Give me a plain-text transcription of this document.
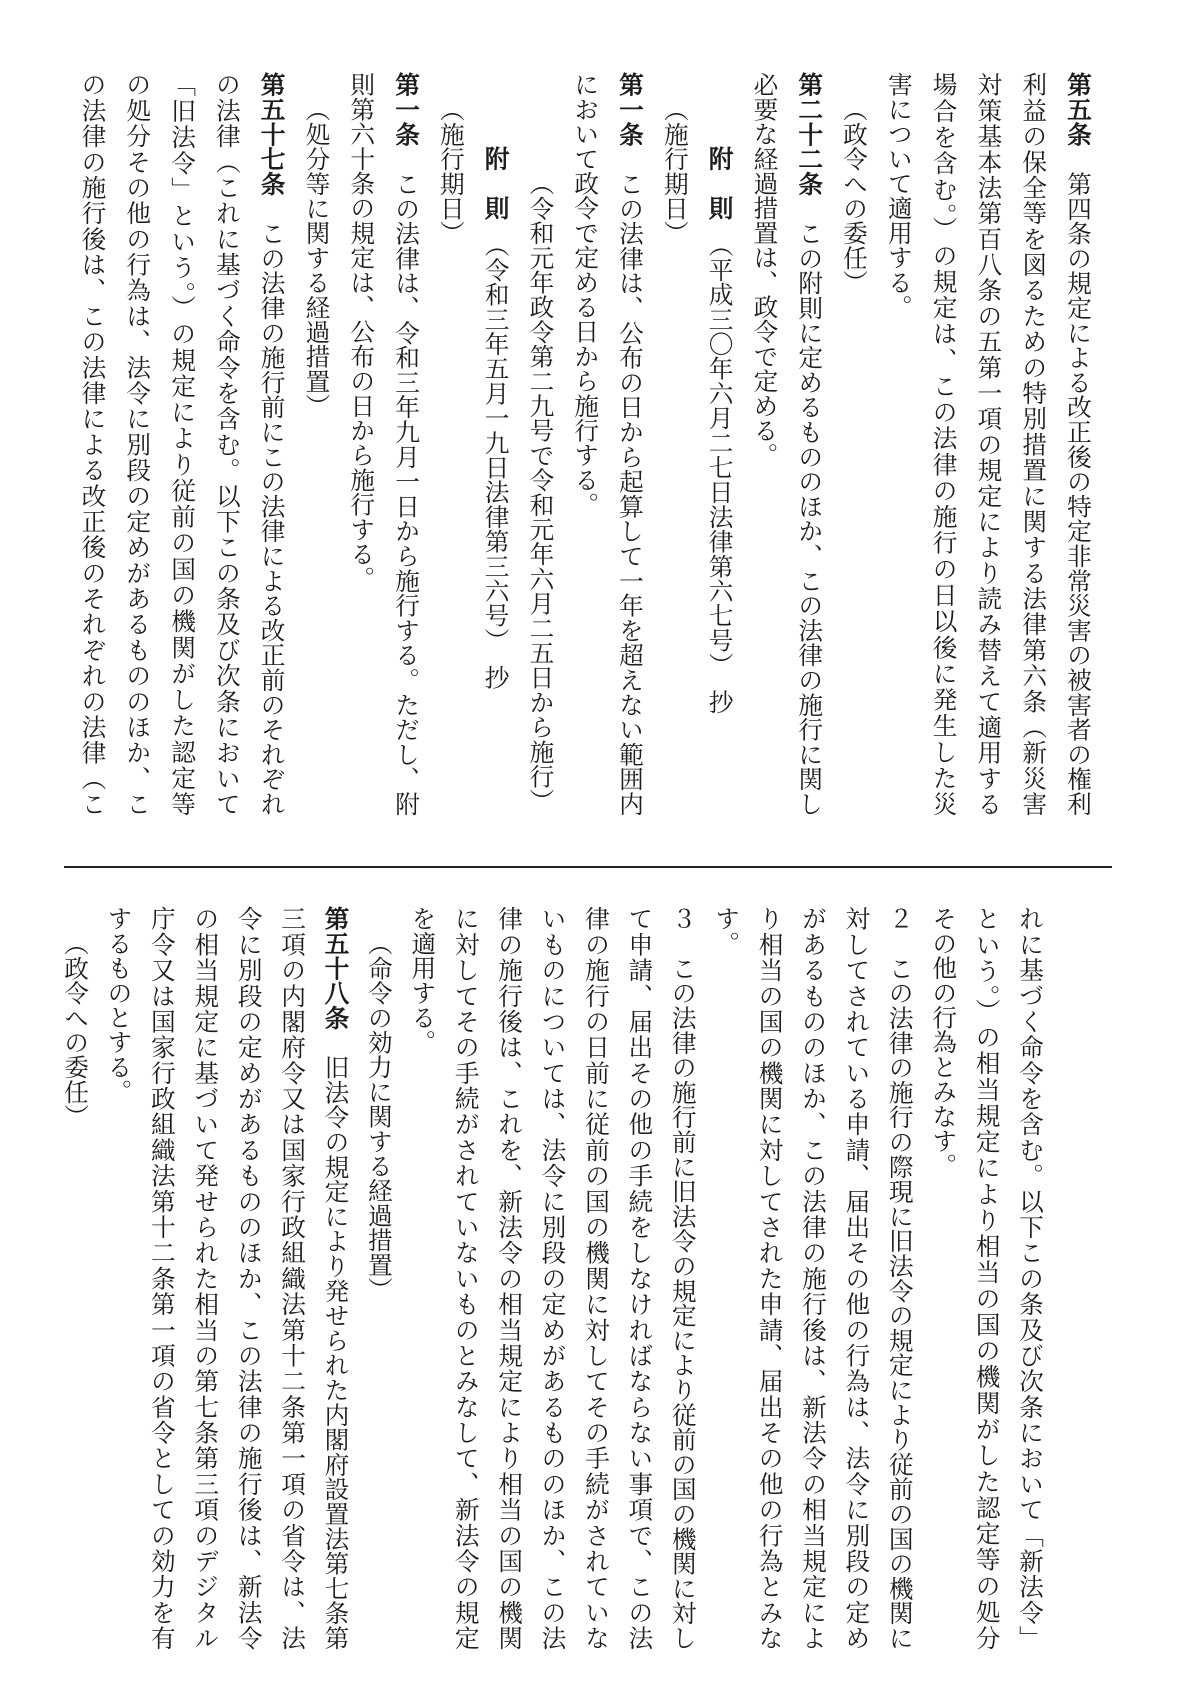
第五条　第四条の規定による改正後の特定非常災害の被害者の権利
利益の保全等を図るための特別措置に関する法律第六条（新災害
対策基本法第百八条の五第一項の規定により読み替えて適用する
場合を含む。）の規定は、この法律の施行の日以後に発生した災
害について適用する。
（政令への委任）
第二十二条　この附則に定めるもののほか、この法律の施行に関し
必要な経過措置は、政令で定める。
附　則　（平成三〇年六月二七日法律第六七号）　抄
（施行期日）
第一条　この法律は、公布の日から起算して一年を超えない範囲内
において政令で定める日から施行する。
（令和元年政令第二九号で令和元年六月二五日から施行）
附　則　（令和三年五月一九日法律第三六号）　抄
（施行期日）
第一条　この法律は、令和三年九月一日から施行する。ただし、附
則第六十条の規定は、公布の日から施行する。
（処分等に関する経過措置）
第五十七条　この法律の施行前にこの法律による改正前のそれぞれ
の法律（これに基づく命令を含む。以下この条及び次条において
「旧法令」という。）の規定により従前の国の機関がした認定等
の処分その他の行為は、法令に別段の定めがあるもののほか、こ
の法律の施行後は、この法律による改正後のそれぞれの法律（こ
れに基づく命令を含む。以下この条及び次条において「新法令」
という。）の相当規定により相当の国の機関がした認定等の処分
その他の行為とみなす。
２　この法律の施行の際現に旧法令の規定により従前の国の機関に
対してされている申請、届出その他の行為は、法令に別段の定め
があるもののほか、この法律の施行後は、新法令の相当規定によ
り相当の国の機関に対してされた申請、届出その他の行為とみな
す。
３　この法律の施行前に旧法令の規定により従前の国の機関に対し
て申請、届出その他の手続をしなければならない事項で、この法
律の施行の日前に従前の国の機関に対してその手続がされていな
いものについては、法令に別段の定めがあるもののほか、この法
律の施行後は、これを、新法令の相当規定により相当の国の機関
に対してその手続がされていないものとみなして、新法令の規定
を適用する。
（命令の効力に関する経過措置）
第五十八条　旧法令の規定により発せられた内閣府設置法第七条第
三項の内閣府令又は国家行政組織法第十二条第一項の省令は、法
令に別段の定めがあるもののほか、この法律の施行後は、新法令
の相当規定に基づいて発せられた相当の第七条第三項のデジタル
庁令又は国家行政組織法第十二条第一項の省令としての効力を有
するものとする。
（政令への委任）
